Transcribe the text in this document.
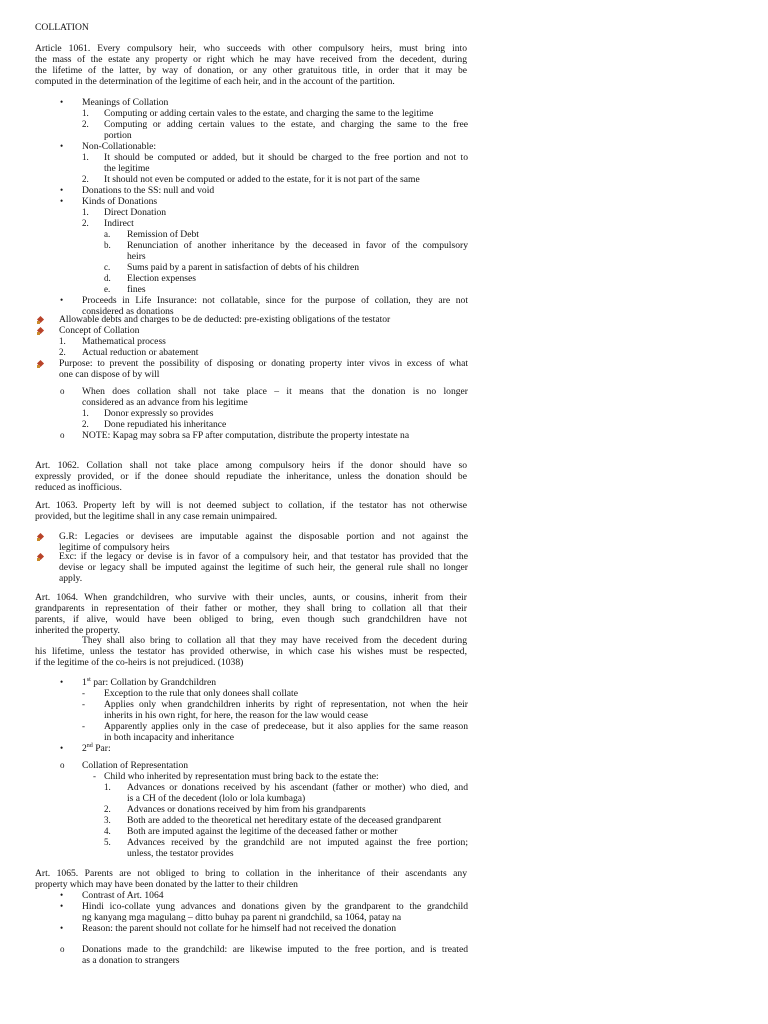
COLLATION
Article 1061. Every compulsory heir, who succeeds with other compulsory heirs, must bring into
the mass of the estate any property or right which he may have received from the decedent, during
the lifetime of the latter, by way of donation, or any other gratuitous title, in order that it may be
computed in the determination of the legitime of each heir, and in the account of the partition.
• Meanings of Collation
1. Computing or adding certain vales to the estate, and charging the same to the legitime
2. Computing or adding certain values to the estate, and charging the same to the free
portion
• Non-Collationable:
1. It should be computed or added, but it should be charged to the free portion and not to
the legitime
2. It should not even be computed or added to the estate, for it is not part of the same
• Donations to the SS: null and void
• Kinds of Donations
1. Direct Donation
2. Indirect
a. Remission of Debt
b. Renunciation of another inheritance by the deceased in favor of the compulsory
heirs
c. Sums paid by a parent in satisfaction of debts of his children
d. Election expenses
e. fines
• Proceeds in Life Insurance: not collatable, since for the purpose of collation, they are not
considered as donations
Allowable debts and charges to be de deducted: pre-existing obligations of the testator
Concept of Collation
1. Mathematical process
2. Actual reduction or abatement
Purpose: to prevent the possibility of disposing or donating property inter vivos in excess of what
one can dispose of by will
o When does collation shall not take place – it means that the donation is no longer
considered as an advance from his legitime
1. Donor expressly so provides
2. Done repudiated his inheritance
o NOTE: Kapag may sobra sa FP after computation, distribute the property intestate na
Art. 1062. Collation shall not take place among compulsory heirs if the donor should have so
expressly provided, or if the donee should repudiate the inheritance, unless the donation should be
reduced as inofficious.
Art. 1063. Property left by will is not deemed subject to collation, if the testator has not otherwise
provided, but the legitime shall in any case remain unimpaired.
G.R: Legacies or devisees are imputable against the disposable portion and not against the
legitime of compulsory heirs
Exc: if the legacy or devise is in favor of a compulsory heir, and that testator has provided that the
devise or legacy shall be imputed against the legitime of such heir, the general rule shall no longer
apply.
Art. 1064. When grandchildren, who survive with their uncles, aunts, or cousins, inherit from their
grandparents in representation of their father or mother, they shall bring to collation all that their
parents, if alive, would have been obliged to bring, even though such grandchildren have not
inherited the property.
They shall also bring to collation all that they may have received from the decedent during
his lifetime, unless the testator has provided otherwise, in which case his wishes must be respected,
if the legitime of the co-heirs is not prejudiced. (1038)
• 1st par: Collation by Grandchildren
- Exception to the rule that only donees shall collate
- Applies only when grandchildren inherits by right of representation, not when the heir
inherits in his own right, for here, the reason for the law would cease
- Apparently applies only in the case of predecease, but it also applies for the same reason
in both incapacity and inheritance
• 2nd Par:
o Collation of Representation
- Child who inherited by representation must bring back to the estate the:
1. Advances or donations received by his ascendant (father or mother) who died, and
is a CH of the decedent (lolo or lola kumbaga)
2. Advances or donations received by him from his grandparents
3. Both are added to the theoretical net hereditary estate of the deceased grandparent
4. Both are imputed against the legitime of the deceased father or mother
5. Advances received by the grandchild are not imputed against the free portion;
unless, the testator provides
Art. 1065. Parents are not obliged to bring to collation in the inheritance of their ascendants any
property which may have been donated by the latter to their children
• Contrast of Art. 1064
• Hindi ico-collate yung advances and donations given by the grandparent to the grandchild
ng kanyang mga magulang – ditto buhay pa parent ni grandchild, sa 1064, patay na
• Reason: the parent should not collate for he himself had not received the donation
o Donations made to the grandchild: are likewise imputed to the free portion, and is treated
as a donation to strangers
